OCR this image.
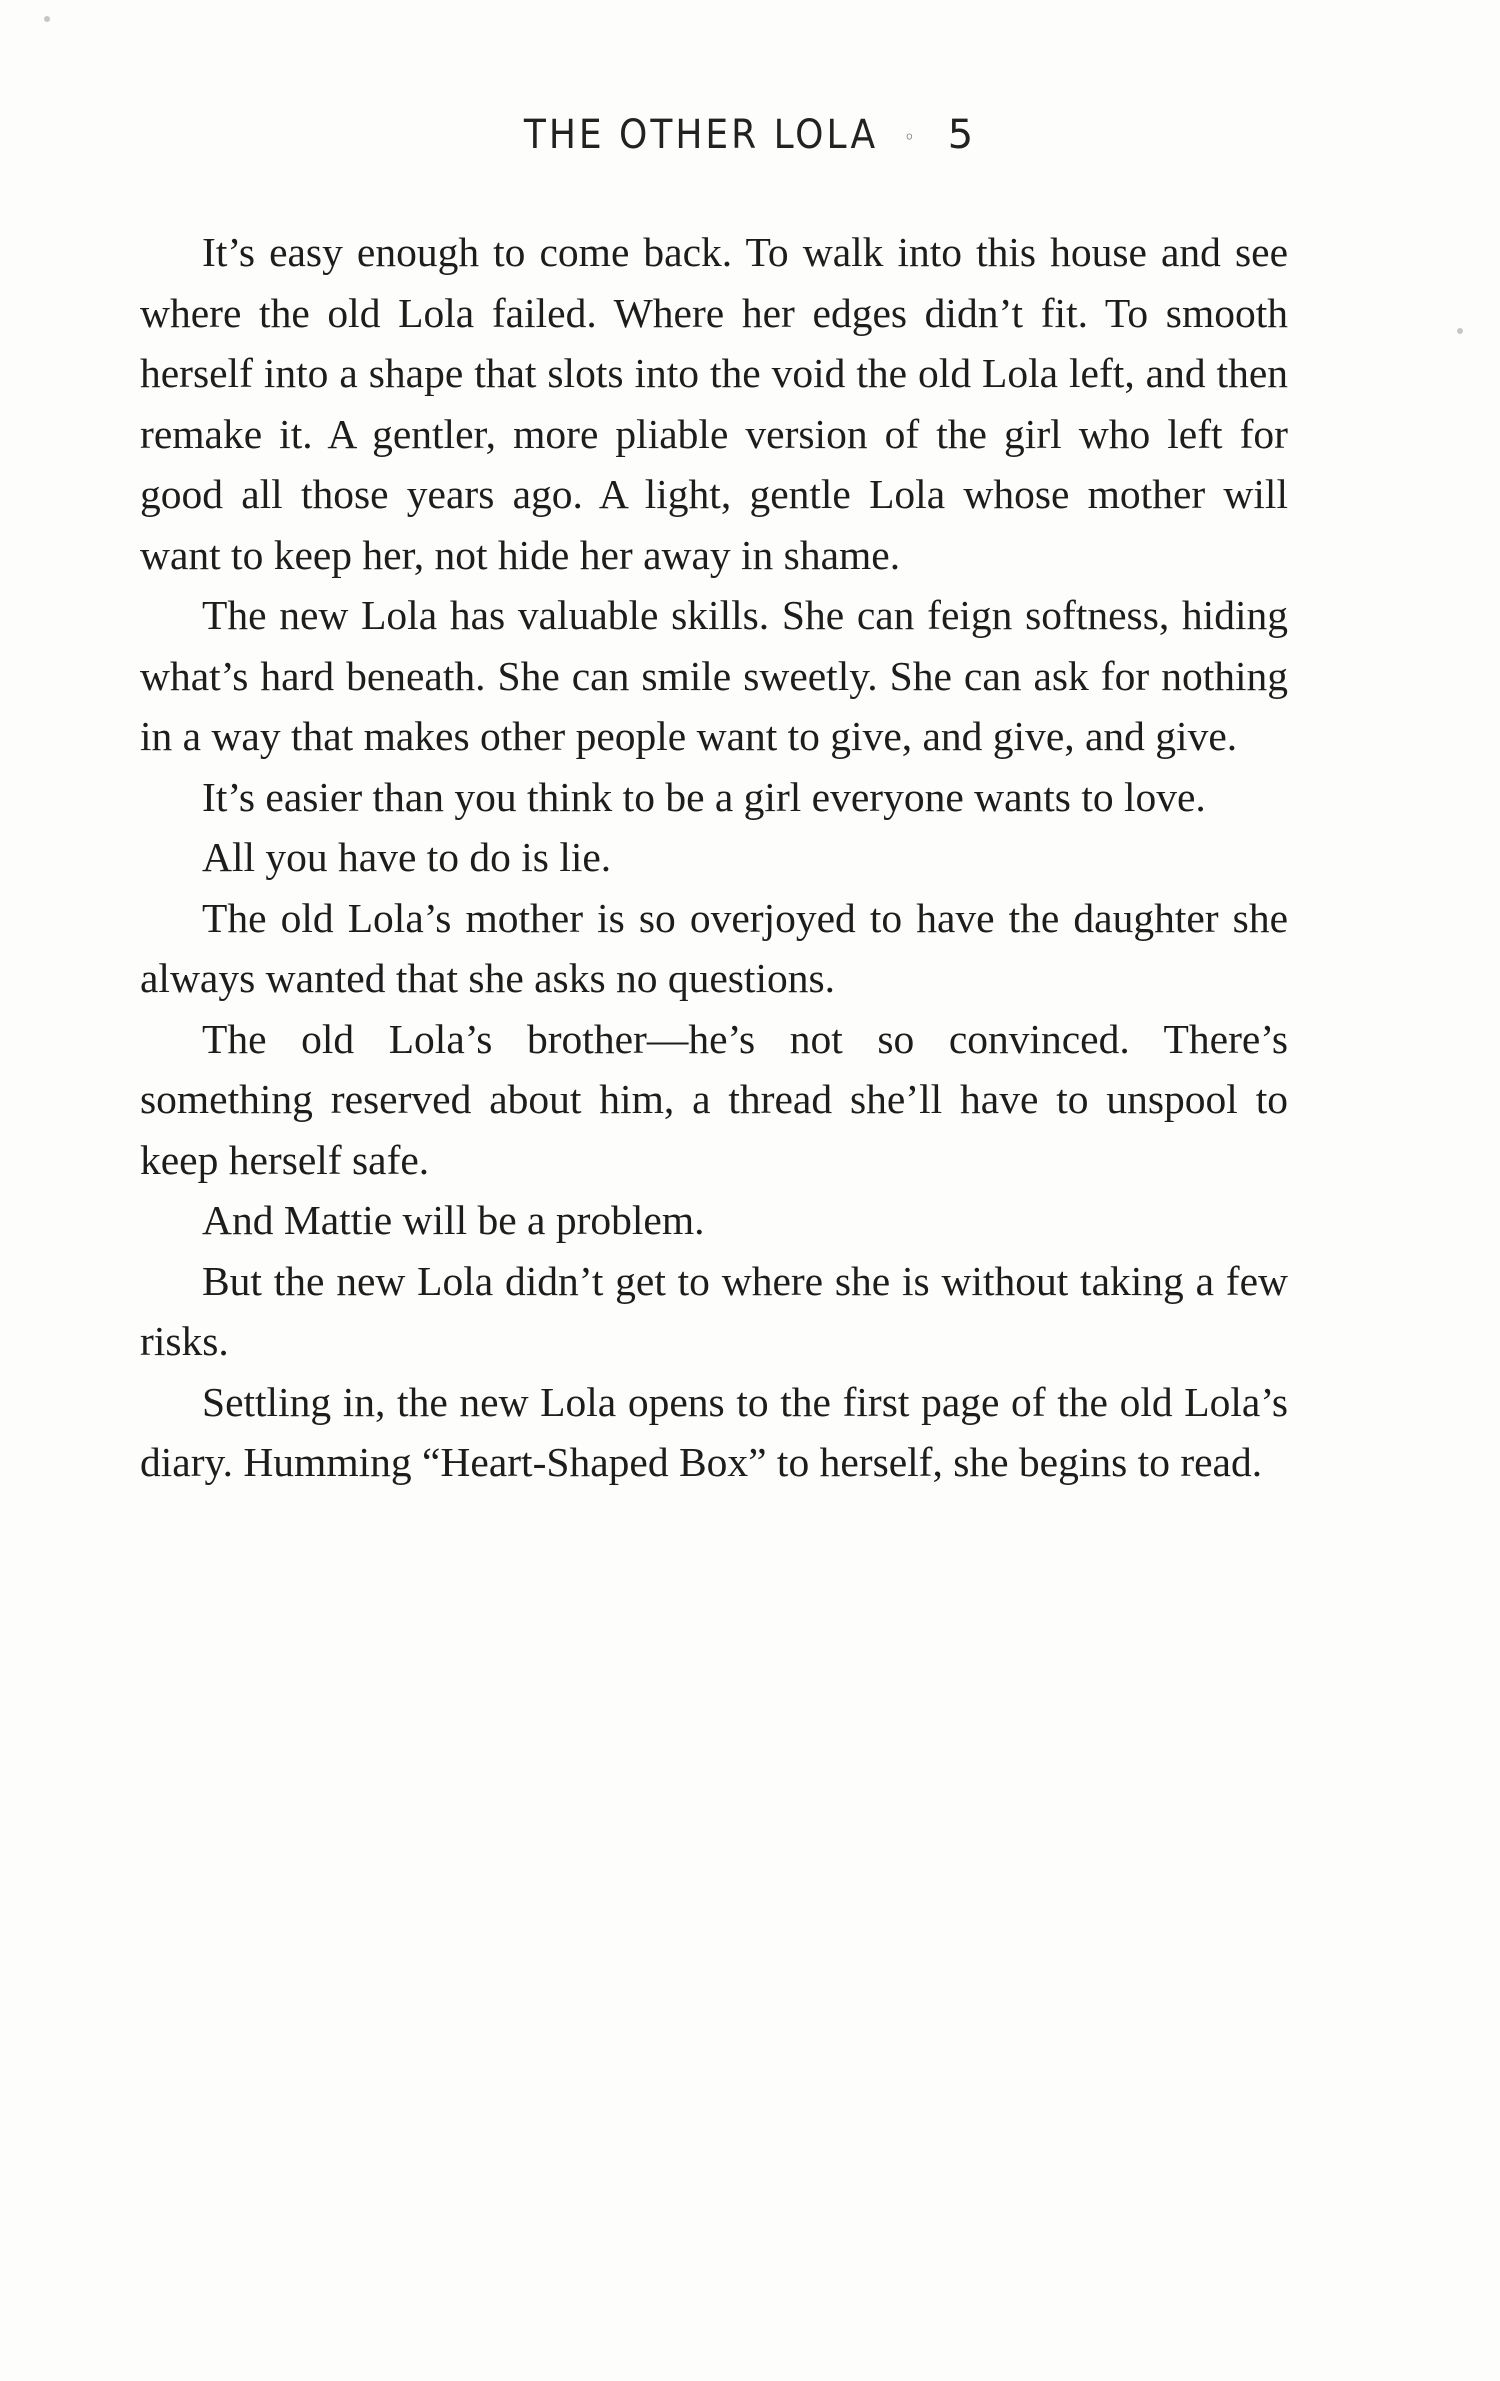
THE OTHER LOLA ◦ 5

It’s easy enough to come back. To walk into this house and see where the old Lola failed. Where her edges didn’t fit. To smooth herself into a shape that slots into the void the old Lola left, and then remake it. A gentler, more pliable version of the girl who left for good all those years ago. A light, gentle Lola whose mother will want to keep her, not hide her away in shame.

The new Lola has valuable skills. She can feign softness, hiding what’s hard beneath. She can smile sweetly. She can ask for nothing in a way that makes other people want to give, and give, and give.

It’s easier than you think to be a girl everyone wants to love.

All you have to do is lie.

The old Lola’s mother is so overjoyed to have the daughter she always wanted that she asks no questions.

The old Lola’s brother—he’s not so convinced. There’s something reserved about him, a thread she’ll have to unspool to keep herself safe.

And Mattie will be a problem.

But the new Lola didn’t get to where she is without taking a few risks.

Settling in, the new Lola opens to the first page of the old Lola’s diary. Humming “Heart-Shaped Box” to herself, she begins to read.
